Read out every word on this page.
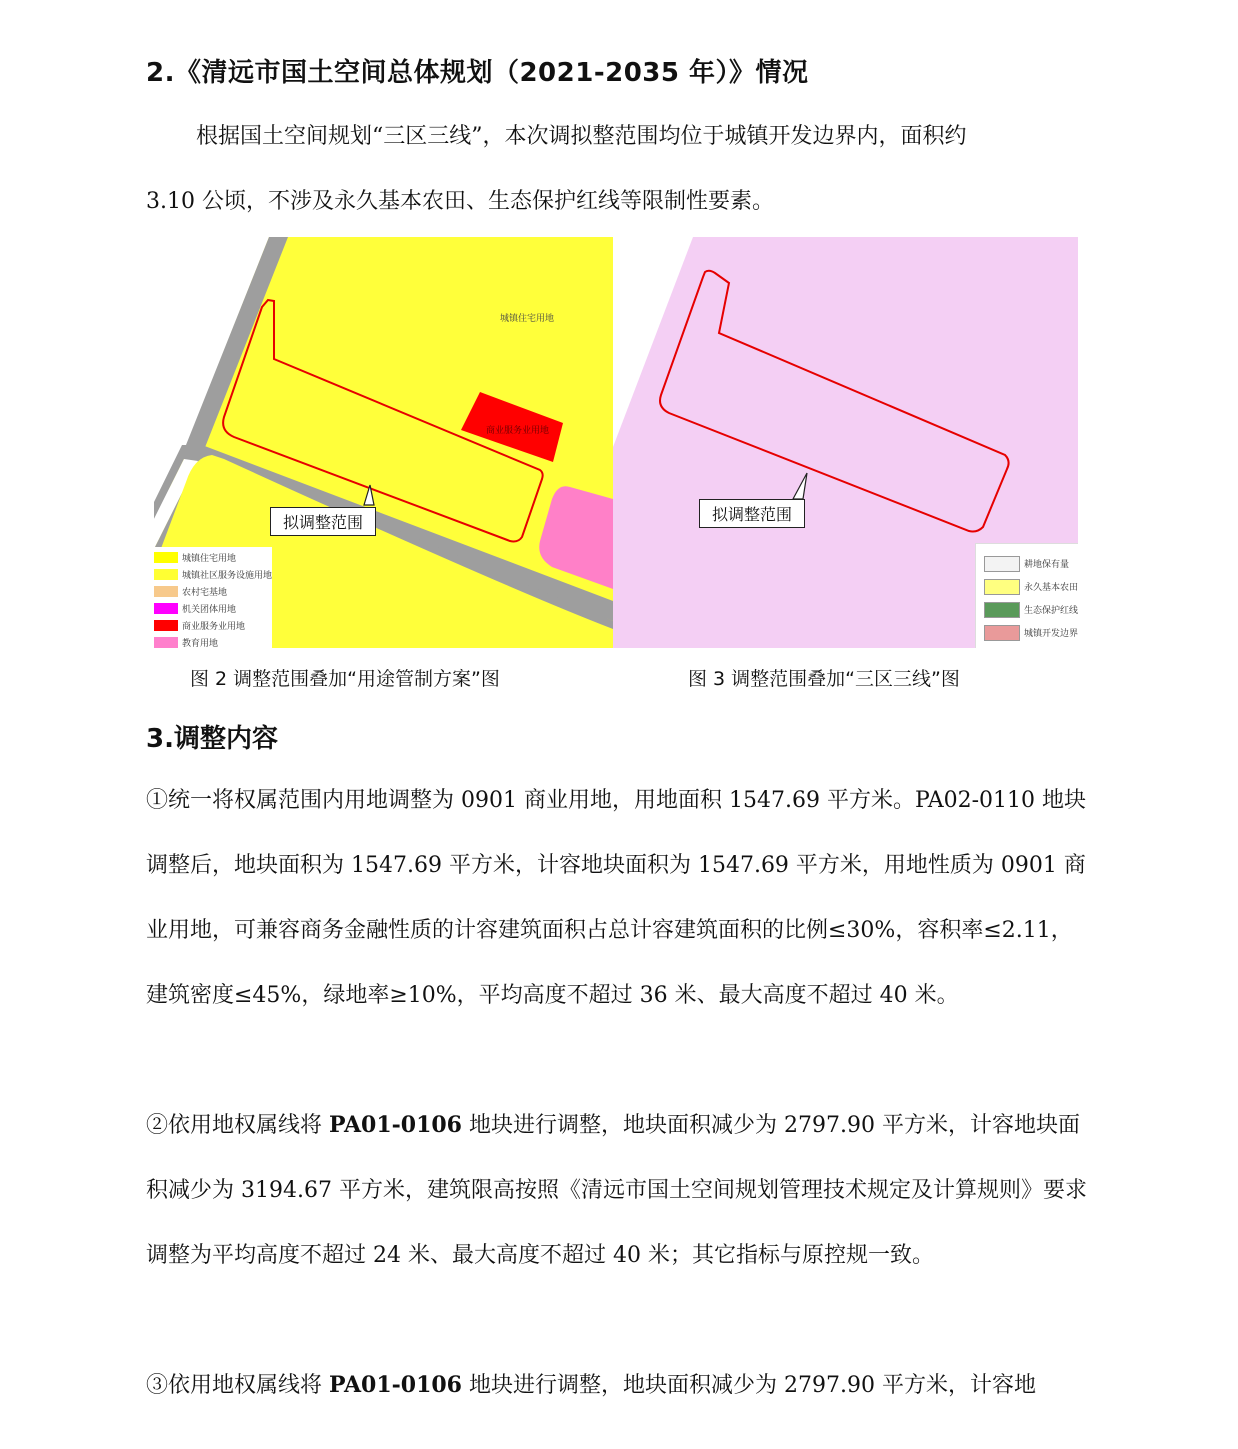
2.《清远市国土空间总体规划（2021-2035 年）》情况

根据国土空间规划“三区三线”，本次调拟整范围均位于城镇开发边界内，面积约
3.10 公顷，不涉及永久基本农田、生态保护红线等限制性要素。

城镇住宅用地
商业服务业用地
拟调整范围
城镇住宅用地
城镇社区服务设施用地
农村宅基地
机关团体用地
商业服务业用地
教育用地
拟调整范围
耕地保有量
永久基本农田
生态保护红线
城镇开发边界
图 2 调整范围叠加“用途管制方案”图	图 3 调整范围叠加“三区三线”图
3.调整内容

①统一将权属范围内用地调整为 0901 商业用地，用地面积 1547.69 平方米。PA02-0110 地块调整后，地块面积为 1547.69 平方米，计容地块面积为 1547.69 平方米，用地性质为 0901 商业用地，可兼容商务金融性质的计容建筑面积占总计容建筑面积的比例≤30%，容积率≤2.11，建筑密度≤45%，绿地率≥10%，平均高度不超过 36 米、最大高度不超过 40 米。

②依用地权属线将 PA01-0106 地块进行调整，地块面积减少为 2797.90 平方米，计容地块面积减少为 3194.67 平方米，建筑限高按照《清远市国土空间规划管理技术规定及计算规则》要求调整为平均高度不超过 24 米、最大高度不超过 40 米；其它指标与原控规一致。

③依用地权属线将 PA01-0106 地块进行调整，地块面积减少为 2797.90 平方米，计容地
